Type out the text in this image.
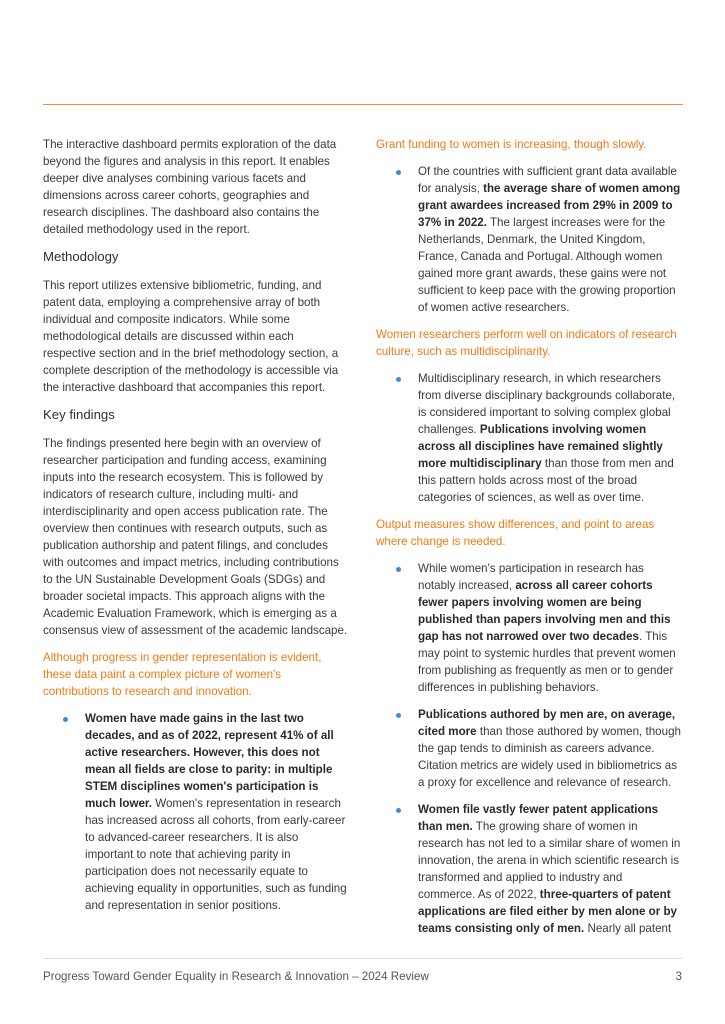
The interactive dashboard permits exploration of the data beyond the figures and analysis in this report. It enables deeper dive analyses combining various facets and dimensions across career cohorts, geographies and research disciplines. The dashboard also contains the detailed methodology used in the report.

Methodology

This report utilizes extensive bibliometric, funding, and patent data, employing a comprehensive array of both individual and composite indicators. While some methodological details are discussed within each respective section and in the brief methodology section, a complete description of the methodology is accessible via the interactive dashboard that accompanies this report.

Key findings

The findings presented here begin with an overview of researcher participation and funding access, examining inputs into the research ecosystem. This is followed by indicators of research culture, including multi- and interdisciplinarity and open access publication rate. The overview then continues with research outputs, such as publication authorship and patent filings, and concludes with outcomes and impact metrics, including contributions to the UN Sustainable Development Goals (SDGs) and broader societal impacts. This approach aligns with the Academic Evaluation Framework, which is emerging as a consensus view of assessment of the academic landscape.

Although progress in gender representation is evident, these data paint a complex picture of women's contributions to research and innovation.

Women have made gains in the last two decades, and as of 2022, represent 41% of all active researchers. However, this does not mean all fields are close to parity: in multiple STEM disciplines women's participation is much lower. Women's representation in research has increased across all cohorts, from early-career to advanced-career researchers. It is also important to note that achieving parity in participation does not necessarily equate to achieving equality in opportunities, such as funding and representation in senior positions.

Grant funding to women is increasing, though slowly.

Of the countries with sufficient grant data available for analysis, the average share of women among grant awardees increased from 29% in 2009 to 37% in 2022. The largest increases were for the Netherlands, Denmark, the United Kingdom, France, Canada and Portugal. Although women gained more grant awards, these gains were not sufficient to keep pace with the growing proportion of women active researchers.

Women researchers perform well on indicators of research culture, such as multidisciplinarity.

Multidisciplinary research, in which researchers from diverse disciplinary backgrounds collaborate, is considered important to solving complex global challenges. Publications involving women across all disciplines have remained slightly more multidisciplinary than those from men and this pattern holds across most of the broad categories of sciences, as well as over time.

Output measures show differences, and point to areas where change is needed.

While women's participation in research has notably increased, across all career cohorts fewer papers involving women are being published than papers involving men and this gap has not narrowed over two decades. This may point to systemic hurdles that prevent women from publishing as frequently as men or to gender differences in publishing behaviors.
Publications authored by men are, on average, cited more than those authored by women, though the gap tends to diminish as careers advance. Citation metrics are widely used in bibliometrics as a proxy for excellence and relevance of research.
Women file vastly fewer patent applications than men. The growing share of women in research has not led to a similar share of women in innovation, the arena in which scientific research is transformed and applied to industry and commerce. As of 2022, three-quarters of patent applications are filed either by men alone or by teams consisting only of men. Nearly all patent
Progress Toward Gender Equality in Research & Innovation – 2024 Review	3
